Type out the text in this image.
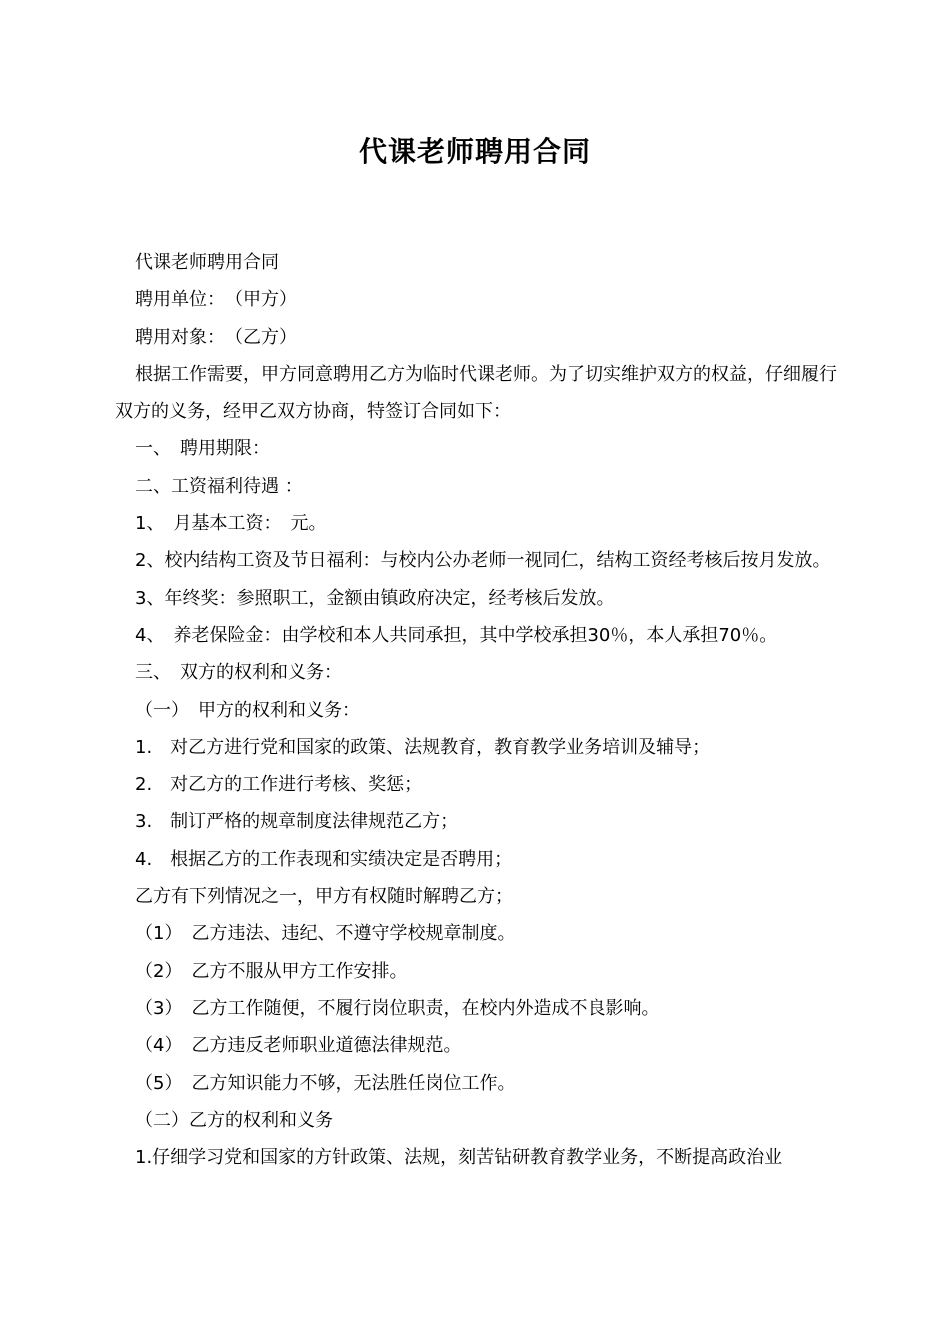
代课老师聘用合同

代课老师聘用合同

聘用单位：　（甲方）

聘用对象：　（乙方）

根据工作需要，甲方同意聘用乙方为临时代课老师。为了切实维护双方的权益，仔细履行双方的义务，经甲乙双方协商，特签订合同如下：

一、　聘用期限：

二、工资福利待遇 ：

1、　月基本工资：　元。

2、校内结构工资及节日福利：与校内公办老师一视同仁，结构工资经考核后按月发放。

3、年终奖：参照职工，金额由镇政府决定，经考核后发放。

4、　养老保险金：由学校和本人共同承担，其中学校承担30％，本人承担70％。

三、　双方的权利和义务：

（一）　甲方的权利和义务：

1.　对乙方进行党和国家的政策、法规教育，教育教学业务培训及辅导；

2.　对乙方的工作进行考核、奖惩；

3.　制订严格的规章制度法律规范乙方；

4.　根据乙方的工作表现和实绩决定是否聘用；

乙方有下列情况之一，甲方有权随时解聘乙方；

（1）　乙方违法、违纪、不遵守学校规章制度。

（2）　乙方不服从甲方工作安排。

（3）　乙方工作随便，不履行岗位职责，在校内外造成不良影响。

（4）　乙方违反老师职业道德法律规范。

（5）　乙方知识能力不够，无法胜任岗位工作。

（二）乙方的权利和义务

1.仔细学习党和国家的方针政策、法规，刻苦钻研教育教学业务，不断提高政治业
